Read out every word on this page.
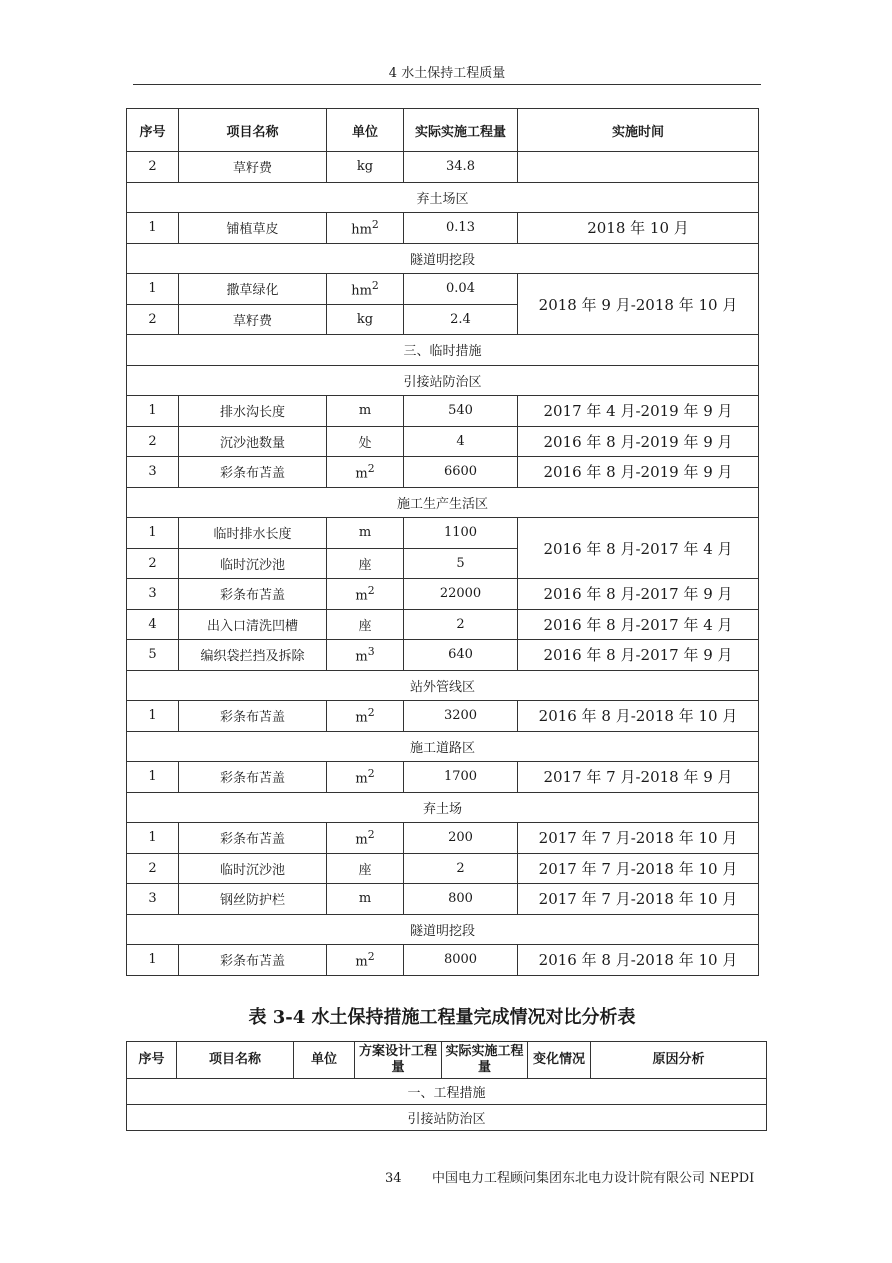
4 水土保持工程质量
序号	项目名称	单位	实际实施工程量	实施时间
2	草籽费	kg	34.8	
弃土场区				
1	铺植草皮	$hm^2$	0.13	2018 年 10 月
隧道明挖段				
1	撒草绿化	$hm^2$	0.04	2018 年 9 月-2018 年 10 月
2	草籽费	kg	2.4	
三、临时措施				
引接站防治区				
1	排水沟长度	m	540	2017 年 4 月-2019 年 9 月
2	沉沙池数量	处	4	2016 年 8 月-2019 年 9 月
3	彩条布苫盖	$m^2$	6600	2016 年 8 月-2019 年 9 月
施工生产生活区				
1	临时排水长度	m	1100	2016 年 8 月-2017 年 4 月
2	临时沉沙池	座	5	
3	彩条布苫盖	$m^2$	22000	2016 年 8 月-2017 年 9 月
4	出入口清洗凹槽	座	2	2016 年 8 月-2017 年 4 月
5	编织袋拦挡及拆除	$m^3$	640	2016 年 8 月-2017 年 9 月
站外管线区				
1	彩条布苫盖	$m^2$	3200	2016 年 8 月-2018 年 10 月
施工道路区				
1	彩条布苫盖	$m^2$	1700	2017 年 7 月-2018 年 9 月
弃土场				
1	彩条布苫盖	$m^2$	200	2017 年 7 月-2018 年 10 月
2	临时沉沙池	座	2	2017 年 7 月-2018 年 10 月
3	钢丝防护栏	m	800	2017 年 7 月-2018 年 10 月
隧道明挖段				
1	彩条布苫盖	$m^2$	8000	2016 年 8 月-2018 年 10 月
表 3-4 水土保持措施工程量完成情况对比分析表
序号	项目名称	单位	方案设计工程量	实际实施工程量	变化情况	原因分析
一、工程措施
引接站防治区
34 中国电力工程顾问集团东北电力设计院有限公司 NEPDI
